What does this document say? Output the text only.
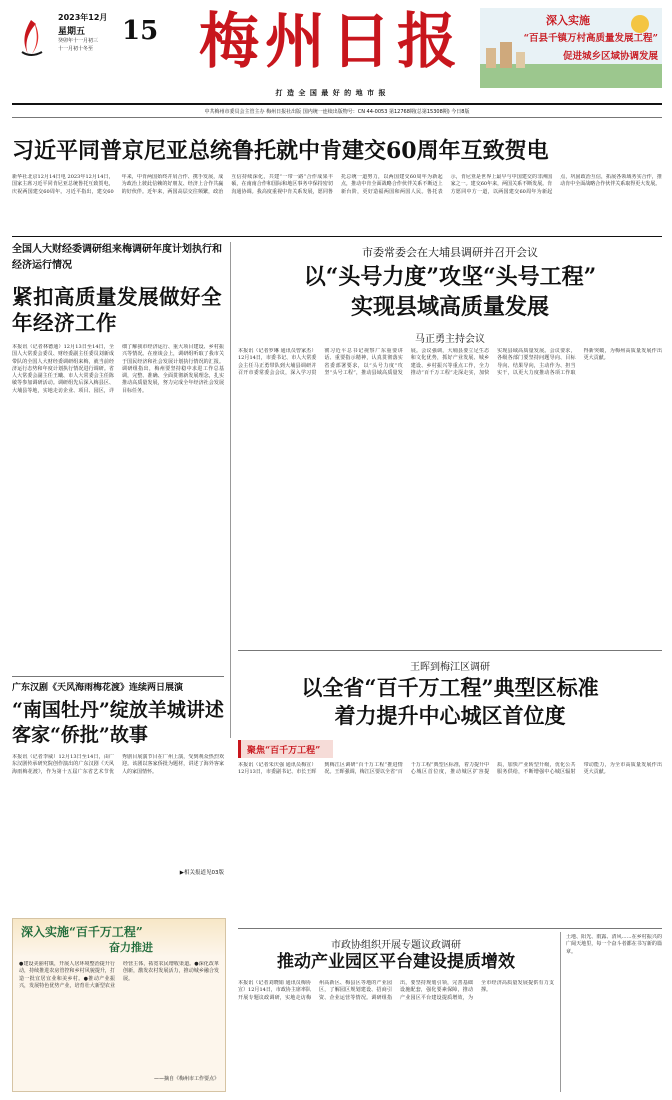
2023年12月
星期五 15
癸卯年十一月初三
十一月初十冬至 梅州日报
打 造 全 国 最 好 的 地 市 报
深入实施
“百县千镇万村高质量发展工程”
促进城乡区域协调发展
中共梅州市委员会主管主办 梅州日报社出版 国内统一连续出版物号：CN 44-0053 第12768期(总第15308期) 今日8版
习近平同普京尼亚总统鲁托就中肯建交60周年互致贺电
新华社北京12月14日电 2023年12月14日，国家主席习近平同肯尼亚总统鲁托互致贺电，庆祝两国建交60周年。习近平指出，建交60年来，中肯两国始终并肩合作、携手发展，成为政治上彼此信赖的好朋友、经济上合作共赢的好伙伴。近年来，两国高层交往频繁，政治互信持续深化，共建“一带一路”合作成果丰硕，在南南合作和国际和地区事务中保持密切沟通协调。我高度重视中肯关系发展，愿同鲁托总统一道努力，以两国建交60周年为新起点，推动中肯全面战略合作伙伴关系不断迈上新台阶，更好造福两国和两国人民。鲁托表示，肯尼亚是世界上最早与中国建交的非洲国家之一。建交60年来，两国关系不断发展。肯方愿同中方一道，以两国建交60周年为新起点，巩固政治互信，拓展各领域务实合作，推动肯中全面战略合作伙伴关系取得更大发展。
全国人大财经委调研组来梅调研年度计划执行和经济运行情况
紧扣高质量发展做好全年经济工作
本报讯（记者林德通）12月13日至14日，全国人大常委会委员、财经委副主任委员刘新成带队的全国人大财经委调研组来梅，就当前经济运行态势和年度计划执行情况进行调研。省人大常委会副主任王曦、市人大常委会主任陈敏等参加调研活动。调研组先后深入梅县区、大埔县等地，实地走访企业、项目、园区，详细了解我市经济运行、重大项目建设、乡村振兴等情况。在座谈会上，调研组听取了我市关于国民经济和社会发展计划执行情况的汇报。调研组指出，梅州要坚持稳中求进工作总基调，完整、准确、全面贯彻新发展理念，扎实推动高质量发展，努力完成全年经济社会发展目标任务。
市委常委会在大埔县调研并召开会议
以“头号力度”攻坚“头号工程”
实现县域高质量发展
马正勇主持会议
本报讯（记者罗琳 通讯员曾家杰）12月14日，市委书记、市人大常委会主任马正勇带队到大埔县调研并召开市委常委会会议，深入学习贯彻习近平总书记视察广东重要讲话、重要指示精神，认真贯彻落实省委部署要求，以“头号力度”攻坚“头号工程”，推动县域高质量发展。会议强调，大埔县要立足生态和文化优势，抓好产业发展、城乡建设、乡村振兴等重点工作，全力推动“百千万工程”走深走实，加快实现县域高质量发展。会议要求，各级各部门要坚持问题导向、目标导向、结果导向，主动作为、担当实干，以更大力度推动各项工作取得新突破，为梅州高质量发展作出更大贡献。
广东汉剧《天风海雨梅花渡》连续两日展演
“南国牡丹”绽放羊城讲述客家“侨批”故事
本报讯（记者李威）12月13日至14日，由广东汉剧传承研究院创作演出的广东汉剧《天风海雨梅花渡》，作为第十五届广东省艺术节优秀剧目展演节目在广州上演，受到观众热烈欢迎。该剧以客家侨批为题材，讲述了海外客家人的家国情怀。
▶相关报道见03版
王晖到梅江区调研
以全省“百千万工程”典型区标准
着力提升中心城区首位度
聚焦“百千万工程”
本报讯（记者朱庆强 通讯员梅宣）12月13日，市委副书记、市长王晖到梅江区调研“百千万工程”推进情况。王晖强调，梅江区要以全省“百千万工程”典型区标准，着力提升中心城区首位度，推动城区扩容提质，加快产业转型升级，优化公共服务供给，不断增强中心城区辐射带动能力，为全市高质量发展作出更大贡献。
深入实施“百千万工程”
奋力推进
●建设美丽村镇，开展人居环境整治提升行动，持续推进农房管控和乡村风貌提升，打造一批宜居宜业和美乡村。●推动产业振兴，发展特色优势产业，培育壮大新型农业经营主体，拓宽农民增收渠道。●深化改革创新，激发农村发展活力，推动城乡融合发展。
——摘自《梅州市工作要点》
市政协组织开展专题议政调研
推动产业园区平台建设提质增效
本报讯（记者刘晓娟 通讯员梅协宣）12月14日，市政协主席率队开展专题议政调研，实地走访梅州高新区、梅县区等地的产业园区，了解园区规划建设、招商引资、企业运营等情况。调研组指出，要坚持规划引领，完善基础设施配套，强化要素保障，推动产业园区平台建设提质增效，为全市经济高质量发展提供有力支撑。
土地、阳光、雨露、清风……在乡村振兴的广阔天地里，每一个奋斗者都在书写新的篇章。
